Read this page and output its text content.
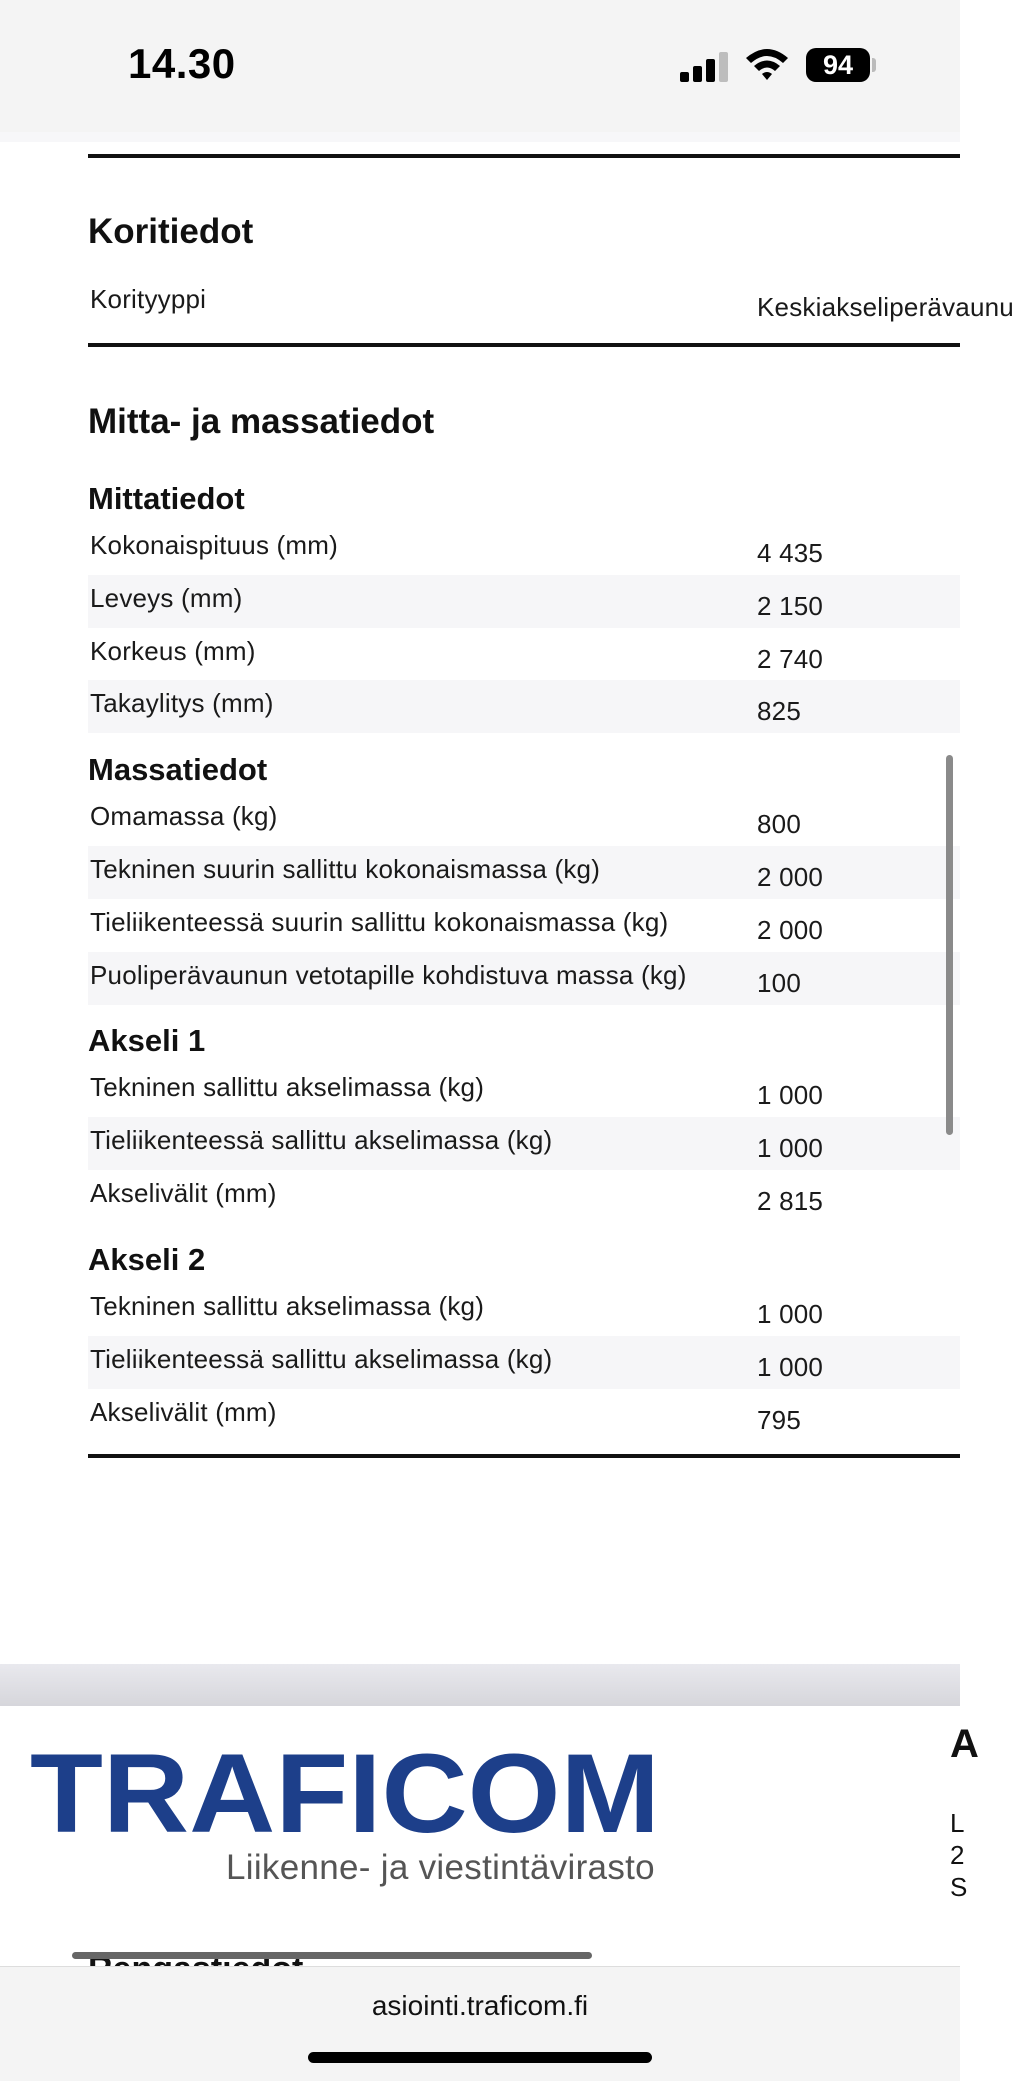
14.30	94
Koritiedot
Korityyppi	Keskiakseliperävaunu
Mitta- ja massatiedot
Mittatiedot
Kokonaispituus (mm)	4 435
Leveys (mm)	2 150
Korkeus (mm)	2 740
Takaylitys (mm)	825
Massatiedot
Omamassa (kg)	800
Tekninen suurin sallittu kokonaismassa (kg)	2 000
Tieliikenteessä suurin sallittu kokonaismassa (kg)	2 000
Puoliperävaunun vetotapille kohdistuva massa (kg)	100
Akseli 1
Tekninen sallittu akselimassa (kg)	1 000
Tieliikenteessä sallittu akselimassa (kg)	1 000
Akselivälit (mm)	2 815
Akseli 2
Tekninen sallittu akselimassa (kg)	1 000
Tieliikenteessä sallittu akselimassa (kg)	1 000
Akselivälit (mm)	795
TRAFICOM
Liikenne- ja viestintävirasto
A
L
2
S
asiointi.traficom.fi
